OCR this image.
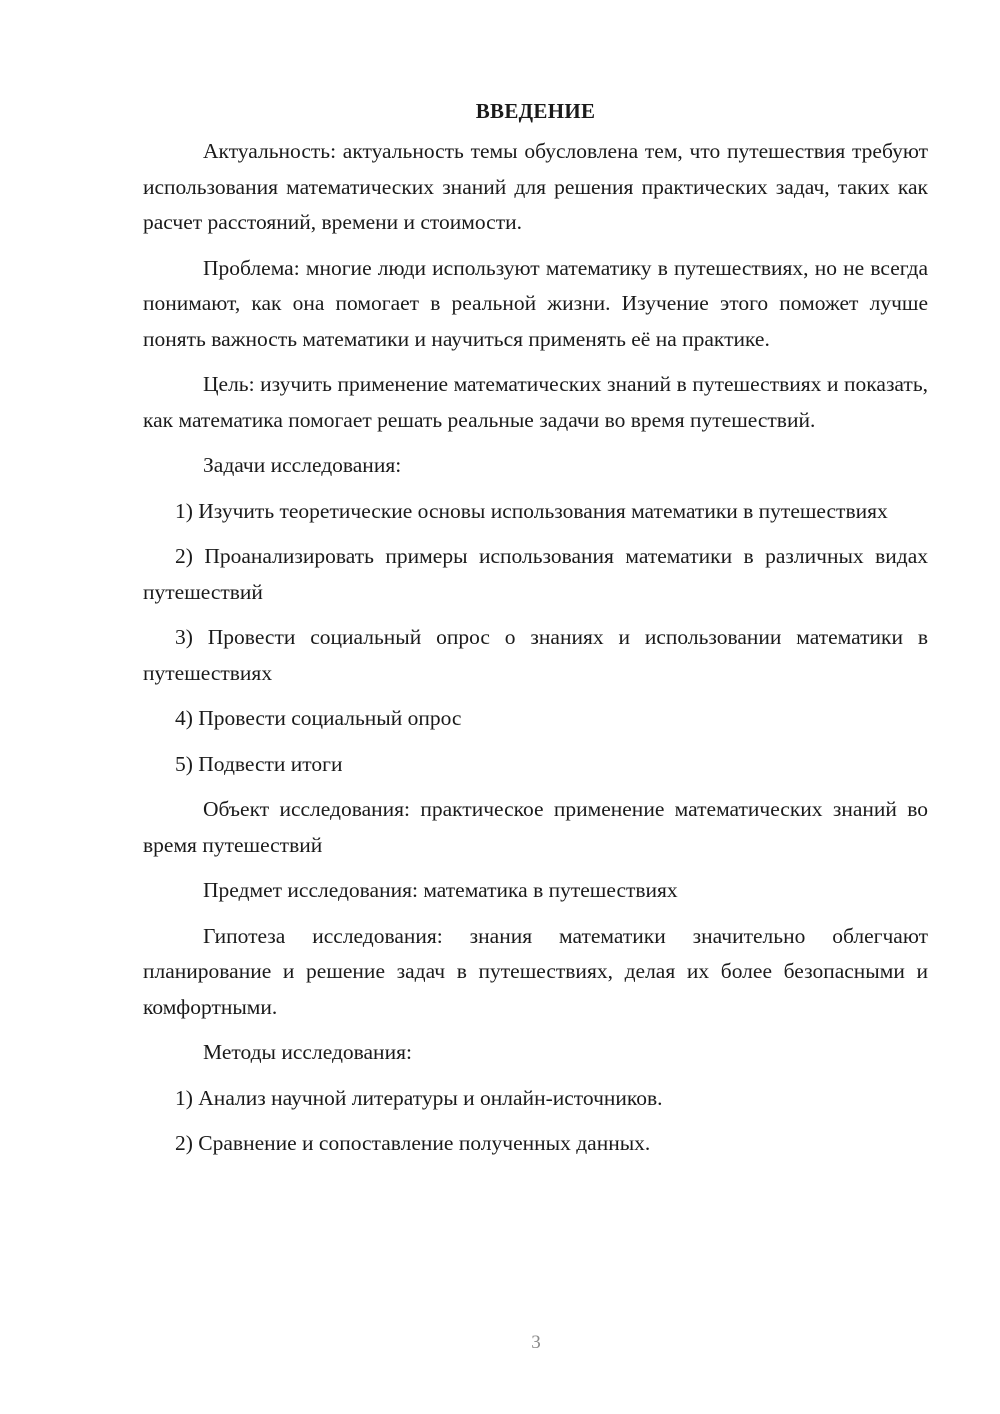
ВВЕДЕНИЕ

Актуальность: актуальность темы обусловлена тем, что путешествия требуют использования математических знаний для решения практических задач, таких как расчет расстояний, времени и стоимости.

Проблема: многие люди используют математику в путешествиях, но не всегда понимают, как она помогает в реальной жизни. Изучение этого поможет лучше понять важность математики и научиться применять её на практике.

Цель: изучить применение математических знаний в путешествиях и показать, как математика помогает решать реальные задачи во время путешествий.

Задачи исследования:

1) Изучить теоретические основы использования математики в путешествиях

2) Проанализировать примеры использования математики в различных видах путешествий

3) Провести социальный опрос о знаниях и использовании математики в путешествиях

4) Провести социальный опрос

5) Подвести итоги

Объект исследования: практическое применение математических знаний во время путешествий

Предмет исследования: математика в путешествиях

Гипотеза исследования: знания математики значительно облегчают планирование и решение задач в путешествиях, делая их более безопасными и комфортными.

Методы исследования:

1) Анализ научной литературы и онлайн-источников.

2) Сравнение и сопоставление полученных данных.

3
